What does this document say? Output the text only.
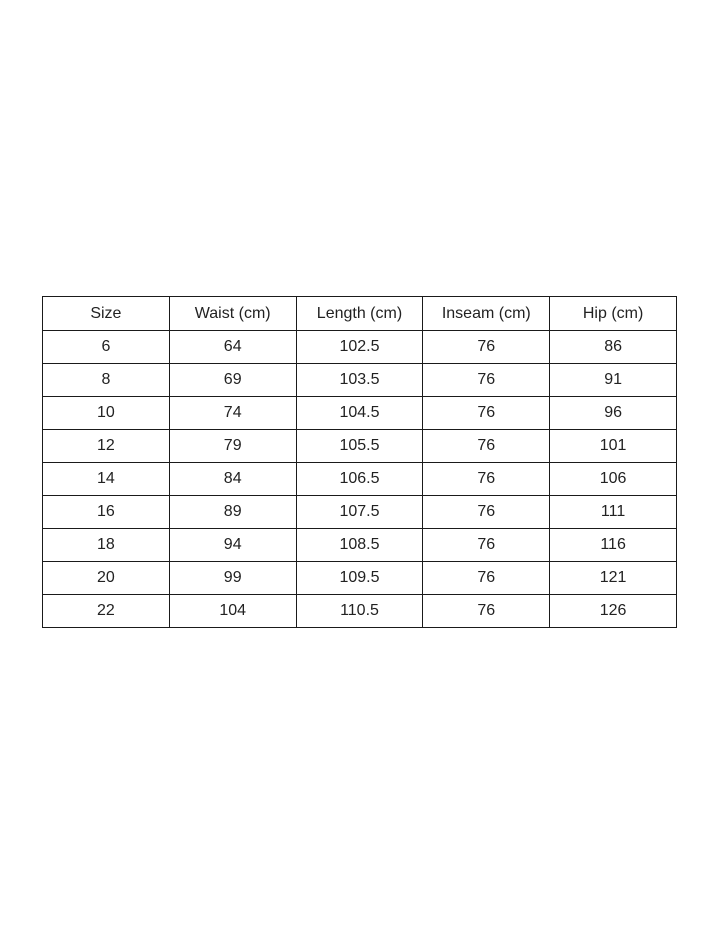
Size	Waist (cm)	Length (cm)	Inseam (cm)	Hip (cm)
6	64	102.5	76	86
8	69	103.5	76	91
10	74	104.5	76	96
12	79	105.5	76	101
14	84	106.5	76	106
16	89	107.5	76	111
18	94	108.5	76	116
20	99	109.5	76	121
22	104	110.5	76	126
